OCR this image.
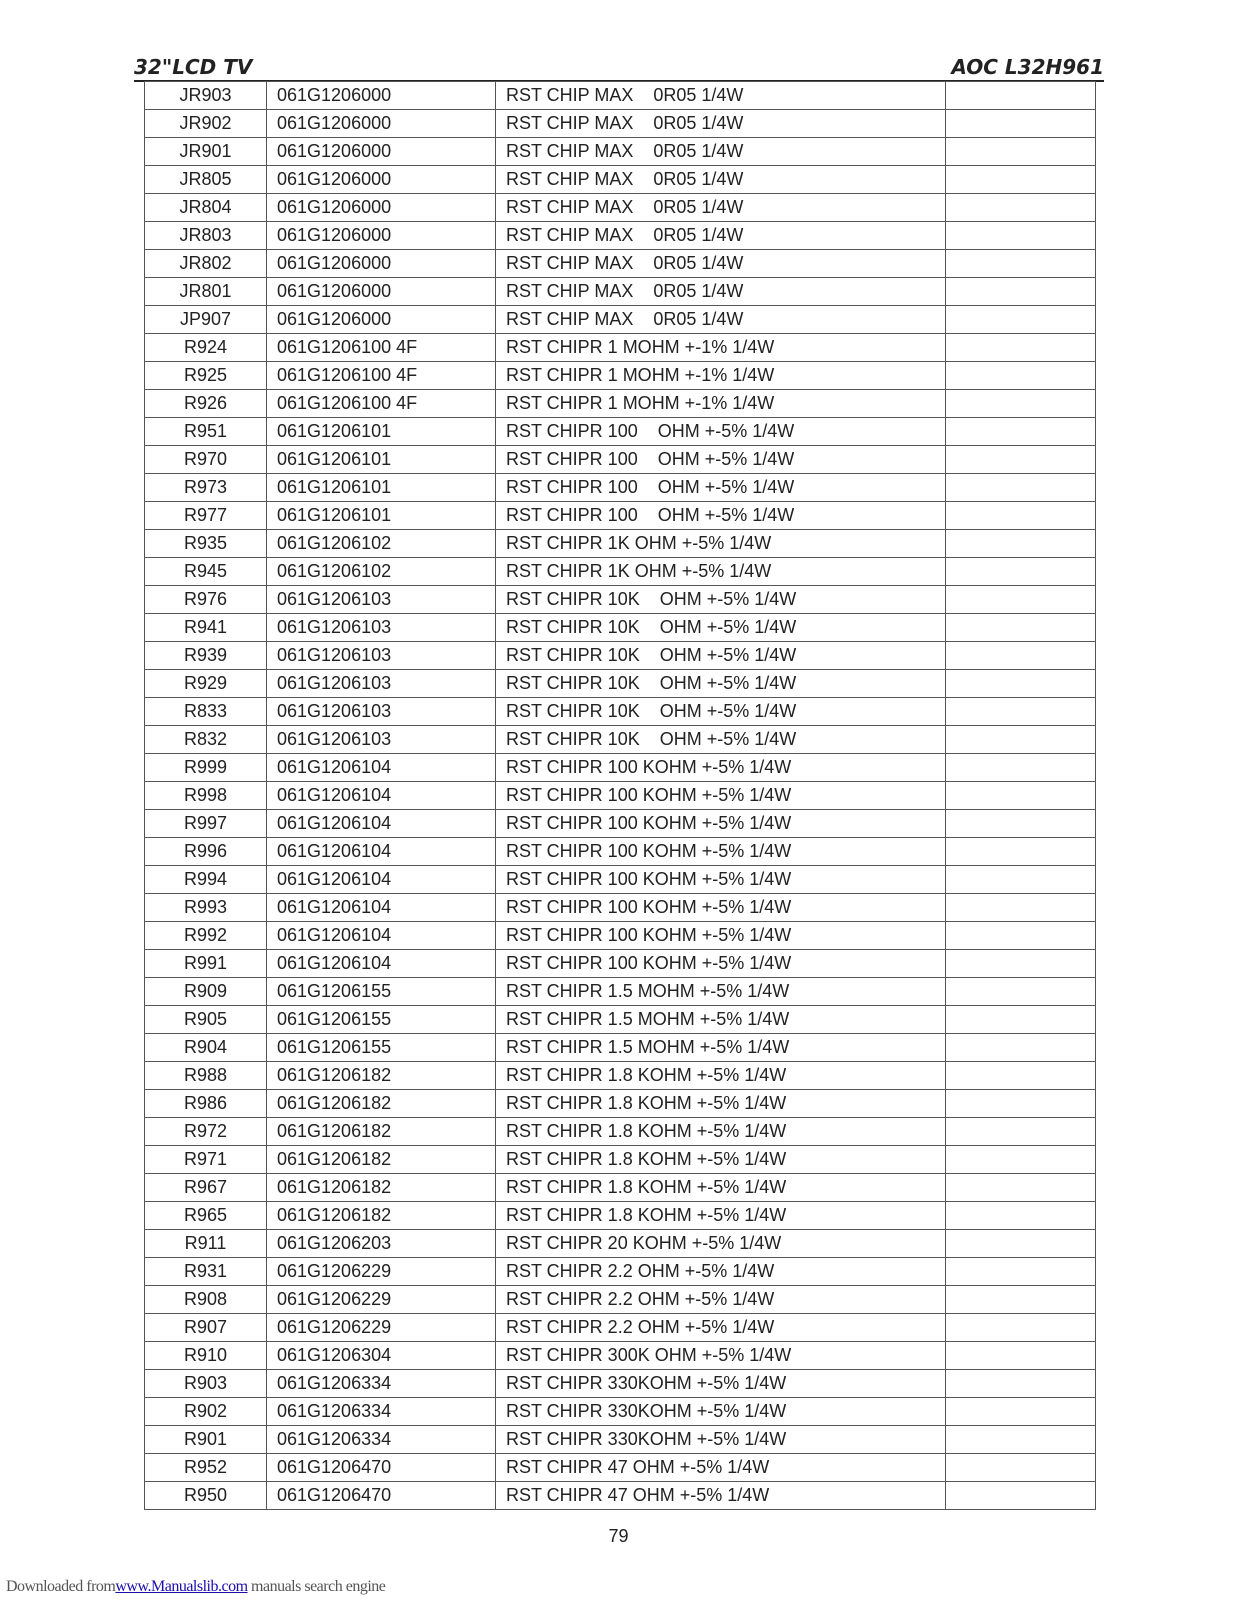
32"LCD TV	AOC L32H961
JR903	061G1206000	RST CHIP MAX    0R05 1/4W	
JR902	061G1206000	RST CHIP MAX    0R05 1/4W	
JR901	061G1206000	RST CHIP MAX    0R05 1/4W	
JR805	061G1206000	RST CHIP MAX    0R05 1/4W	
JR804	061G1206000	RST CHIP MAX    0R05 1/4W	
JR803	061G1206000	RST CHIP MAX    0R05 1/4W	
JR802	061G1206000	RST CHIP MAX    0R05 1/4W	
JR801	061G1206000	RST CHIP MAX    0R05 1/4W	
JP907	061G1206000	RST CHIP MAX    0R05 1/4W	
R924	061G1206100 4F	RST CHIPR 1 MOHM +-1% 1/4W	
R925	061G1206100 4F	RST CHIPR 1 MOHM +-1% 1/4W	
R926	061G1206100 4F	RST CHIPR 1 MOHM +-1% 1/4W	
R951	061G1206101	RST CHIPR 100    OHM +-5% 1/4W	
R970	061G1206101	RST CHIPR 100    OHM +-5% 1/4W	
R973	061G1206101	RST CHIPR 100    OHM +-5% 1/4W	
R977	061G1206101	RST CHIPR 100    OHM +-5% 1/4W	
R935	061G1206102	RST CHIPR 1K OHM +-5% 1/4W	
R945	061G1206102	RST CHIPR 1K OHM +-5% 1/4W	
R976	061G1206103	RST CHIPR 10K    OHM +-5% 1/4W	
R941	061G1206103	RST CHIPR 10K    OHM +-5% 1/4W	
R939	061G1206103	RST CHIPR 10K    OHM +-5% 1/4W	
R929	061G1206103	RST CHIPR 10K    OHM +-5% 1/4W	
R833	061G1206103	RST CHIPR 10K    OHM +-5% 1/4W	
R832	061G1206103	RST CHIPR 10K    OHM +-5% 1/4W	
R999	061G1206104	RST CHIPR 100 KOHM +-5% 1/4W	
R998	061G1206104	RST CHIPR 100 KOHM +-5% 1/4W	
R997	061G1206104	RST CHIPR 100 KOHM +-5% 1/4W	
R996	061G1206104	RST CHIPR 100 KOHM +-5% 1/4W	
R994	061G1206104	RST CHIPR 100 KOHM +-5% 1/4W	
R993	061G1206104	RST CHIPR 100 KOHM +-5% 1/4W	
R992	061G1206104	RST CHIPR 100 KOHM +-5% 1/4W	
R991	061G1206104	RST CHIPR 100 KOHM +-5% 1/4W	
R909	061G1206155	RST CHIPR 1.5 MOHM +-5% 1/4W	
R905	061G1206155	RST CHIPR 1.5 MOHM +-5% 1/4W	
R904	061G1206155	RST CHIPR 1.5 MOHM +-5% 1/4W	
R988	061G1206182	RST CHIPR 1.8 KOHM +-5% 1/4W	
R986	061G1206182	RST CHIPR 1.8 KOHM +-5% 1/4W	
R972	061G1206182	RST CHIPR 1.8 KOHM +-5% 1/4W	
R971	061G1206182	RST CHIPR 1.8 KOHM +-5% 1/4W	
R967	061G1206182	RST CHIPR 1.8 KOHM +-5% 1/4W	
R965	061G1206182	RST CHIPR 1.8 KOHM +-5% 1/4W	
R911	061G1206203	RST CHIPR 20 KOHM +-5% 1/4W	
R931	061G1206229	RST CHIPR 2.2 OHM +-5% 1/4W	
R908	061G1206229	RST CHIPR 2.2 OHM +-5% 1/4W	
R907	061G1206229	RST CHIPR 2.2 OHM +-5% 1/4W	
R910	061G1206304	RST CHIPR 300K OHM +-5% 1/4W	
R903	061G1206334	RST CHIPR 330KOHM +-5% 1/4W	
R902	061G1206334	RST CHIPR 330KOHM +-5% 1/4W	
R901	061G1206334	RST CHIPR 330KOHM +-5% 1/4W	
R952	061G1206470	RST CHIPR 47 OHM +-5% 1/4W	
R950	061G1206470	RST CHIPR 47 OHM +-5% 1/4W	
79
Downloaded fromwww.Manualslib.com manuals search engine
